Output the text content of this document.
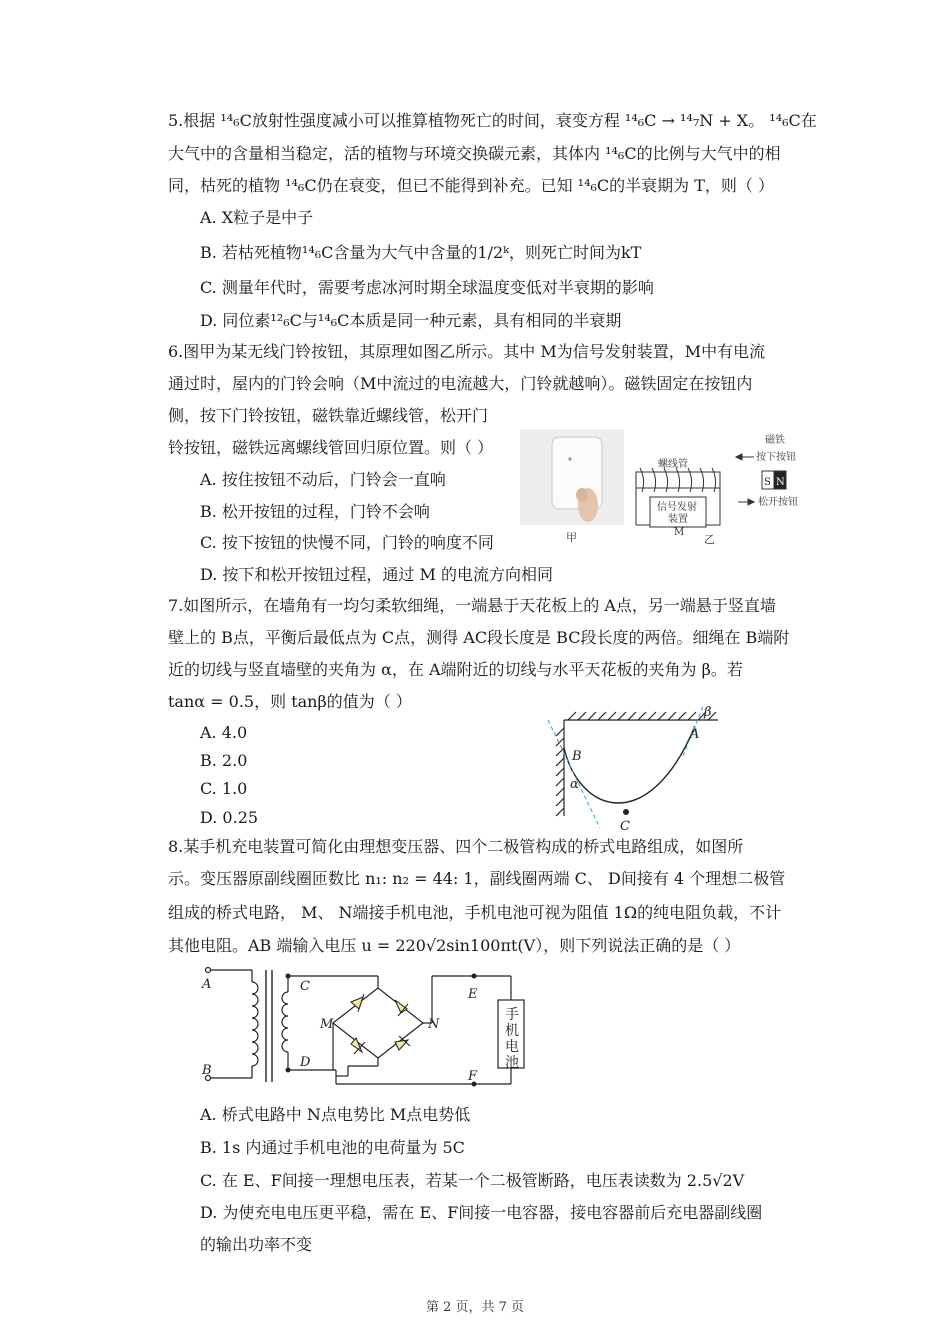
5.根据 ¹⁴₆C放射性强度减小可以推算植物死亡的时间，衰变方程 ¹⁴₆C → ¹⁴₇N + X。 ¹⁴₆C在
大气中的含量相当稳定，活的植物与环境交换碳元素，其体内 ¹⁴₆C的比例与大气中的相
同，枯死的植物 ¹⁴₆C仍在衰变，但已不能得到补充。已知 ¹⁴₆C的半衰期为 T，则（ ）
A. X粒子是中子
B. 若枯死植物¹⁴₆C含量为大气中含量的1/2ᵏ，则死亡时间为kT
C. 测量年代时，需要考虑冰河时期全球温度变低对半衰期的影响
D. 同位素¹²₆C与¹⁴₆C本质是同一种元素，具有相同的半衰期
6.图甲为某无线门铃按钮，其原理如图乙所示。其中 M为信号发射装置，M中有电流
通过时，屋内的门铃会响（M中流过的电流越大，门铃就越响）。磁铁固定在按钮内
侧，按下门铃按钮，磁铁靠近螺线管，松开门
铃按钮，磁铁远离螺线管回归原位置。则（ ）
A. 按住按钮不动后，门铃会一直响
B. 松开按钮的过程，门铃不会响
C. 按下按钮的快慢不同，门铃的响度不同
D. 按下和松开按钮过程，通过 M 的电流方向相同
甲
螺线管
信号发射
装置
M
乙
磁铁
按下按钮
S N
松开按钮
7.如图所示，在墙角有一均匀柔软细绳，一端悬于天花板上的 A点，另一端悬于竖直墙
壁上的 B点，平衡后最低点为 C点，测得 AC段长度是 BC段长度的两倍。细绳在 B端附
近的切线与竖直墙壁的夹角为 α，在 A端附近的切线与水平天花板的夹角为 β。若
tanα = 0.5，则 tanβ的值为（ ）
A. 4.0
B. 2.0
C. 1.0
D. 0.25
B
A
C
α
β
8.某手机充电装置可简化由理想变压器、四个二极管构成的桥式电路组成，如图所
示。变压器原副线圈匝数比 n₁: n₂ = 44: 1，副线圈两端 C、 D间接有 4 个理想二极管
组成的桥式电路， M、 N端接手机电池，手机电池可视为阻值 1Ω的纯电阻负载，不计
其他电阻。AB 端输入电压 u = 220√2sin100πt(V），则下列说法正确的是（ ）
A
B
C
D
E
F
M	N
手
机
电
池
A. 桥式电路中 N点电势比 M点电势低
B. 1s 内通过手机电池的电荷量为 5C
C. 在 E、F间接一理想电压表，若某一个二极管断路，电压表读数为 2.5√2V
D. 为使充电电压更平稳，需在 E、F间接一电容器，接电容器前后充电器副线圈
的输出功率不变
第 2 页，共 7 页
